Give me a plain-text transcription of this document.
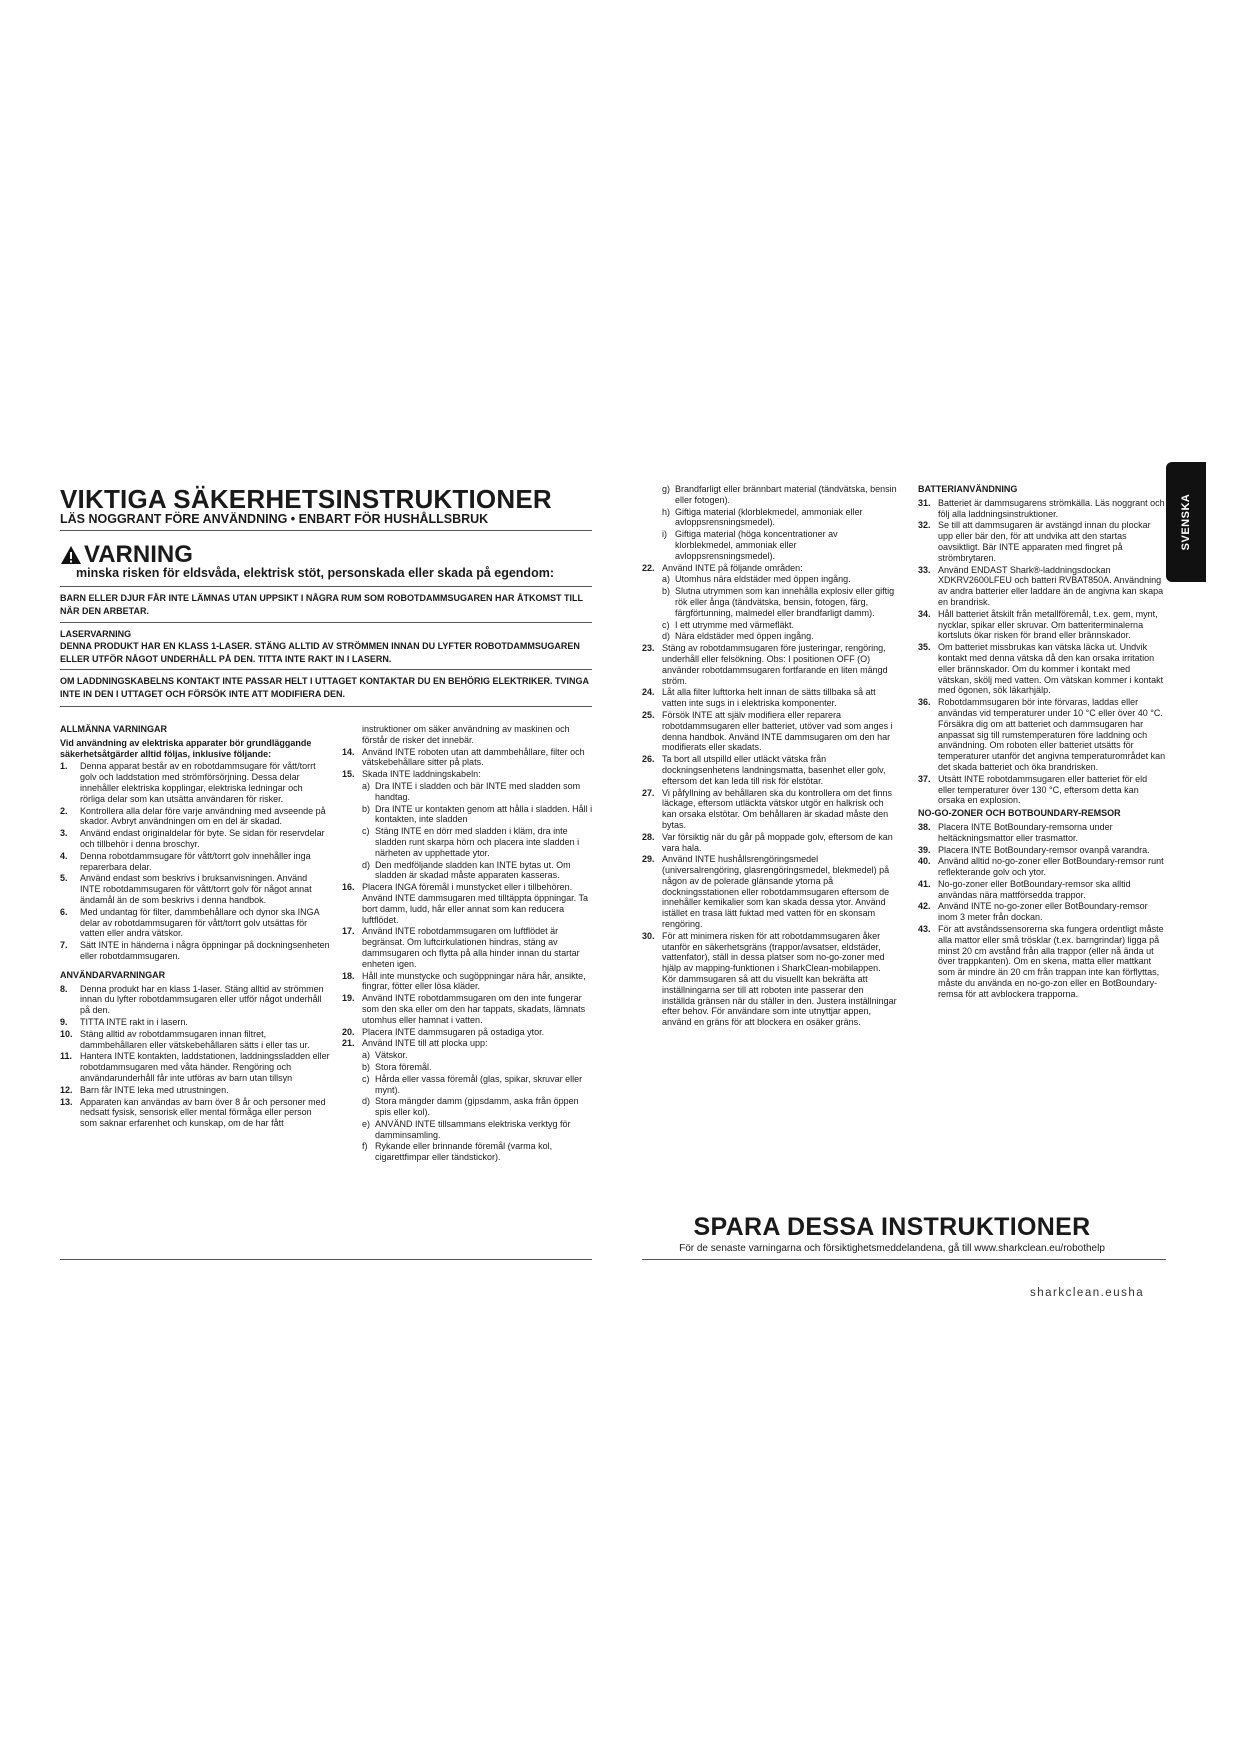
VIKTIGA SÄKERHETSINSTRUKTIONER
LÄS NOGGRANT FÖRE ANVÄNDNING • ENBART FÖR HUSHÅLLSBRUK
VARNING
minska risken för eldsvåda, elektrisk stöt, personskada eller skada på egendom:
BARN ELLER DJUR FÅR INTE LÄMNAS UTAN UPPSIKT I NÅGRA RUM SOM ROBOTDAMMSUGAREN HAR ÅTKOMST TILL NÄR DEN ARBETAR.
LASERVARNING
DENNA PRODUKT HAR EN KLASS 1-LASER. STÄNG ALLTID AV STRÖMMEN INNAN DU LYFTER ROBOTDAMMSUGAREN ELLER UTFÖR NÅGOT UNDERHÅLL PÅ DEN. TITTA INTE RAKT IN I LASERN.
OM LADDNINGSKABELNS KONTAKT INTE PASSAR HELT I UTTAGET KONTAKTAR DU EN BEHÖRIG ELEKTRIKER. TVINGA INTE IN DEN I UTTAGET OCH FÖRSÖK INTE ATT MODIFIERA DEN.
ALLMÄNNA VARNINGAR
Vid användning av elektriska apparater bör grundläggande säkerhetsåtgärder alltid följas, inklusive följande:
1.	Denna apparat består av en robotdammsugare för vått/torrt golv och laddstation med strömförsörjning. Dessa delar innehåller elektriska kopplingar, elektriska ledningar och rörliga delar som kan utsätta användaren för risker.
2.	Kontrollera alla delar före varje användning med avseende på skador. Avbryt användningen om en del är skadad.
3.	Använd endast originaldelar för byte. Se sidan för reservdelar och tillbehör i denna broschyr.
4.	Denna robotdammsugare för vått/torrt golv innehåller inga reparerbara delar.
5.	Använd endast som beskrivs i bruksanvisningen. Använd INTE robotdammsugaren för vått/torrt golv för något annat ändamål än de som beskrivs i denna handbok.
6.	Med undantag för filter, dammbehållare och dynor ska INGA delar av robotdammsugaren för vått/torrt golv utsättas för vatten eller andra vätskor.
7.	Sätt INTE in händerna i några öppningar på dockningsenheten eller robotdammsugaren.
ANVÄNDARVARNINGAR
8.	Denna produkt har en klass 1-laser. Stäng alltid av strömmen innan du lyfter robotdammsugaren eller utför något underhåll på den.
9.	TITTA INTE rakt in i lasern.
10. Stäng alltid av robotdammsugaren innan filtret, dammbehållaren eller vätskebehållaren sätts i eller tas ur.
11. Hantera INTE kontakten, laddstationen, laddningssladden eller robotdammsugaren med våta händer. Rengöring och användarunderhåll får inte utföras av barn utan tillsyn
12. Barn får INTE leka med utrustningen.
13. Apparaten kan användas av barn över 8 år och personer med nedsatt fysisk, sensorisk eller mental förmåga eller person som saknar erfarenhet och kunskap, om de har fått
instruktioner om säker användning av maskinen och förstår de risker det innebär.
14. Använd INTE roboten utan att dammbehållare, filter och vätskebehållare sitter på plats.
15. Skada INTE laddningskabeln:
a) Dra INTE i sladden och bär INTE med sladden som handtag.
b) Dra INTE ur kontakten genom att hålla i sladden. Håll i kontakten, inte sladden
c) Stäng INTE en dörr med sladden i kläm, dra inte sladden runt skarpa hörn och placera inte sladden i närheten av upphettade ytor.
d) Den medföljande sladden kan INTE bytas ut. Om sladden är skadad måste apparaten kasseras.
16. Placera INGA föremål i munstycket eller i tillbehören. Använd INTE dammsugaren med tilltäppta öppningar. Ta bort damm, ludd, hår eller annat som kan reducera luftflödet.
17. Använd INTE robotdammsugaren om luftflödet är begränsat. Om luftcirkulationen hindras, stäng av dammsugaren och flytta på alla hinder innan du startar enheten igen.
18. Håll inte munstycke och sugöppningar nära hår, ansikte, fingrar, fötter eller lösa kläder.
19. Använd INTE robotdammsugaren om den inte fungerar som den ska eller om den har tappats, skadats, lämnats utomhus eller hamnat i vatten.
20. Placera INTE dammsugaren på ostadiga ytor.
21. Använd INTE till att plocka upp:
a) Vätskor.
b) Stora föremål.
c) Hårda eller vassa föremål (glas, spikar, skruvar eller mynt).
d) Stora mängder damm (gipsdamm, aska från öppen spis eller kol).
e) ANVÄND INTE tillsammans elektriska verktyg för damminsamling.
f) Rykande eller brinnande föremål (varma kol, cigarettfimpar eller tändstickor).
g) Brandfarligt eller brännbart material (tändvätska, bensin eller fotogen).
h) Giftiga material (klorblekmedel, ammoniak eller avloppsrensningsmedel).
i) Giftiga material (höga koncentrationer av klorblekmedel, ammoniak eller avloppsrensningsmedel).
22. Använd INTE på följande områden:
a) Utomhus nära eldstäder med öppen ingång.
b) Slutna utrymmen som kan innehålla explosiv eller giftig rök eller ånga (tändvätska, bensin, fotogen, färg, färgförtunning, malmedel eller brandfarligt damm).
c) I ett utrymme med värmefläkt.
d) Nära eldstäder med öppen ingång.
23. Stäng av robotdammsugaren före justeringar, rengöring, underhåll eller felsökning. Obs: I positionen OFF (O) använder robotdammsugaren fortfarande en liten mängd ström.
24. Låt alla filter lufttorka helt innan de sätts tillbaka så att vatten inte sugs in i elektriska komponenter.
25. Försök INTE att själv modifiera eller reparera robotdammsugaren eller batteriet, utöver vad som anges i denna handbok. Använd INTE dammsugaren om den har modifierats eller skadats.
26. Ta bort all utspilld eller utläckt vätska från dockningsenhetens landningsmatta, basenhet eller golv, eftersom det kan leda till risk för elstötar.
27. Vi påfyllning av behållaren ska du kontrollera om det finns läckage, eftersom utläckta vätskor utgör en halkrisk och kan orsaka elstötar. Om behållaren är skadad måste den bytas.
28. Var försiktig när du går på moppade golv, eftersom de kan vara hala.
29. Använd INTE hushållsrengöringsmedel (universalrengöring, glasrengöringsmedel, blekmedel) på någon av de polerade glänsande ytorna på dockningsstationen eller robotdammsugaren eftersom de innehåller kemikalier som kan skada dessa ytor. Använd istället en trasa lätt fuktad med vatten för en skonsam rengöring.
30. För att minimera risken för att robotdammsugaren åker utanför en säkerhetsgräns (trappor/avsatser, eldstäder, vattenfator), ställ in dessa platser som no-go-zoner med hjälp av mapping-funktionen i SharkClean-mobilappen. Kör dammsugaren så att du visuellt kan bekräfta att inställningarna ser till att roboten inte passerar den inställda gränsen när du ställer in den. Justera inställningar efter behov. För användare som inte utnyttjar appen, använd en gräns för att blockera en osäker gräns.
BATTERIANVÄNDNING
31. Batteriet är dammsugarens strömkälla. Läs noggrant och följ alla laddningsinstruktioner.
32. Se till att dammsugaren är avstängd innan du plockar upp eller bär den, för att undvika att den startas oavsiktligt. Bär INTE apparaten med fingret på strömbrytaren.
33. Använd ENDAST Shark®-laddningsdockan XDKRV2600LFEU och batteri RVBAT850A. Användning av andra batterier eller laddare än de angivna kan skapa en brandrisk.
34. Håll batteriet åtskilt från metallföremål, t.ex. gem, mynt, nycklar, spikar eller skruvar. Om batteriterminalerna kortsluts ökar risken för brand eller brännskador.
35. Om batteriet missbrukas kan vätska läcka ut. Undvik kontakt med denna vätska då den kan orsaka irritation eller brännskador. Om du kommer i kontakt med vätskan, skölj med vatten. Om vätskan kommer i kontakt med ögonen, sök läkarhjälp.
36. Robotdammsugaren bör inte förvaras, laddas eller användas vid temperaturer under 10 °C eller över 40 °C. Försäkra dig om att batteriet och dammsugaren har anpassat sig till rumstemperaturen före laddning och användning. Om roboten eller batteriet utsätts för temperaturer utanför det angivna temperaturområdet kan det skada batteriet och öka brandrisken.
37. Utsätt INTE robotdammsugaren eller batteriet för eld eller temperaturer över 130 °C, eftersom detta kan orsaka en explosion.
NO-GO-ZONER OCH BOTBOUNDARY-REMSOR
38. Placera INTE BotBoundary-remsorna under heltäckningsmattor eller trasmattor.
39. Placera INTE BotBoundary-remsor ovanpå varandra.
40. Använd alltid no-go-zoner eller BotBoundary-remsor runt reflekterande golv och ytor.
41. No-go-zoner eller BotBoundary-remsor ska alltid användas nära mattförsedda trappor.
42. Använd INTE no-go-zoner eller BotBoundary-remsor inom 3 meter från dockan.
43. För att avståndssensorerna ska fungera ordentligt måste alla mattor eller små trösklar (t.ex. barngrindar) ligga på minst 20 cm avstånd från alla trappor (eller nå ända ut över trappkanten). Om en skena, matta eller mattkant som är mindre än 20 cm från trappan inte kan förflyttas, måste du använda en no-go-zon eller en BotBoundary-remsa för att avblockera trapporna.
SVENSKA
SPARA DESSA INSTRUKTIONER
För de senaste varningarna och försiktighetsmeddelandena, gå till www.sharkclean.eu/robothelp
sharkclean.eusha
